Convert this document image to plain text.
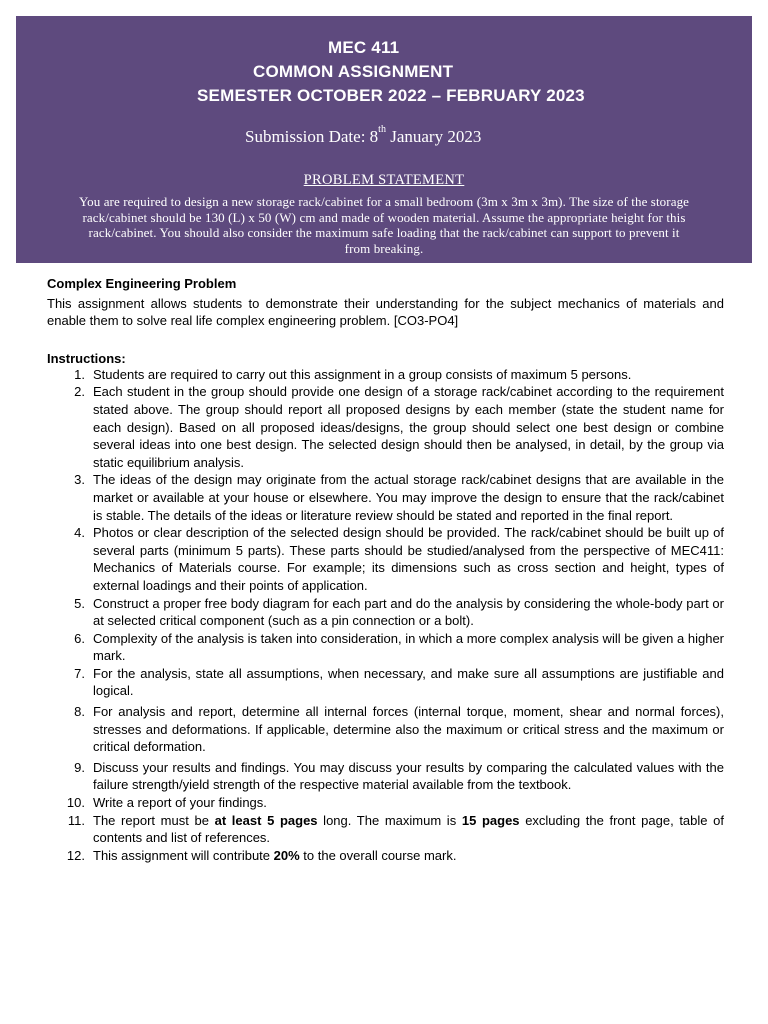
MEC 411
COMMON ASSIGNMENT
SEMESTER OCTOBER 2022 – FEBRUARY 2023
Submission Date: 8th January 2023
PROBLEM STATEMENT
You are required to design a new storage rack/cabinet for a small bedroom (3m x 3m x 3m). The size of the storage rack/cabinet should be 130 (L) x 50 (W) cm and made of wooden material. Assume the appropriate height for this rack/cabinet. You should also consider the maximum safe loading that the rack/cabinet can support to prevent it from breaking.

Complex Engineering Problem

This assignment allows students to demonstrate their understanding for the subject mechanics of materials and enable them to solve real life complex engineering problem. [CO3-PO4]

Instructions:

1. Students are required to carry out this assignment in a group consists of maximum 5 persons.
2. Each student in the group should provide one design of a storage rack/cabinet according to the requirement stated above. The group should report all proposed designs by each member (state the student name for each design). Based on all proposed ideas/designs, the group should select one best design or combine several ideas into one best design. The selected design should then be analysed, in detail, by the group via static equilibrium analysis.
3. The ideas of the design may originate from the actual storage rack/cabinet designs that are available in the market or available at your house or elsewhere. You may improve the design to ensure that the rack/cabinet is stable. The details of the ideas or literature review should be stated and reported in the final report.
4. Photos or clear description of the selected design should be provided. The rack/cabinet should be built up of several parts (minimum 5 parts). These parts should be studied/analysed from the perspective of MEC411: Mechanics of Materials course. For example; its dimensions such as cross section and height, types of external loadings and their points of application.
5. Construct a proper free body diagram for each part and do the analysis by considering the whole-body part or at selected critical component (such as a pin connection or a bolt).
6. Complexity of the analysis is taken into consideration, in which a more complex analysis will be given a higher mark.
7. For the analysis, state all assumptions, when necessary, and make sure all assumptions are justifiable and logical.
8. For analysis and report, determine all internal forces (internal torque, moment, shear and normal forces), stresses and deformations. If applicable, determine also the maximum or critical stress and the maximum or critical deformation.
9. Discuss your results and findings. You may discuss your results by comparing the calculated values with the failure strength/yield strength of the respective material available from the textbook.
10. Write a report of your findings.
11. The report must be at least 5 pages long. The maximum is 15 pages excluding the front page, table of contents and list of references.
12. This assignment will contribute 20% to the overall course mark.
